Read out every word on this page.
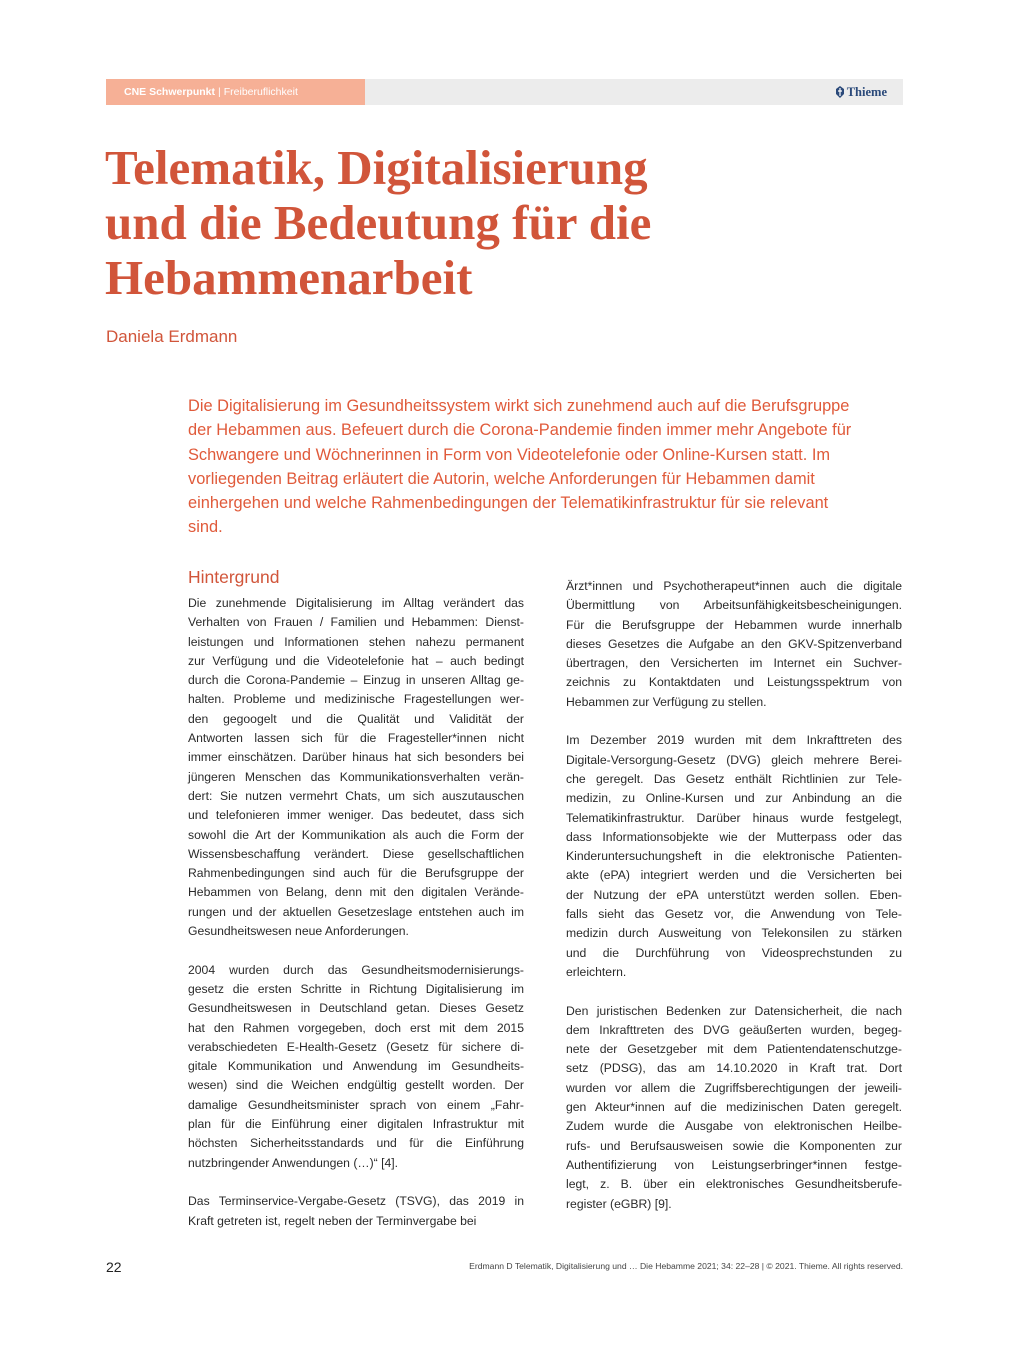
CNE Schwerpunkt | Freiberuflichkeit	Thieme
Telematik, Digitalisierung
und die Bedeutung für die
Hebammenarbeit
Daniela Erdmann
Die Digitalisierung im Gesundheitssystem wirkt sich zunehmend auch auf die Berufsgruppe
der Hebammen aus. Befeuert durch die Corona-Pandemie finden immer mehr Angebote für
Schwangere und Wöchnerinnen in Form von Videotelefonie oder Online-Kursen statt. Im
vorliegenden Beitrag erläutert die Autorin, welche Anforderungen für Hebammen damit
einhergehen und welche Rahmenbedingungen der Telematikinfrastruktur für sie relevant
sind.
Hintergrund
Die zunehmende Digitalisierung im Alltag verändert das
Verhalten von Frauen / Familien und Hebammen: Dienst-
leistungen und Informationen stehen nahezu permanent
zur Verfügung und die Videotelefonie hat – auch bedingt
durch die Corona-Pandemie – Einzug in unseren Alltag ge-
halten. Probleme und medizinische Fragestellungen wer-
den gegoogelt und die Qualität und Validität der
Antworten lassen sich für die Fragesteller*innen nicht
immer einschätzen. Darüber hinaus hat sich besonders bei
jüngeren Menschen das Kommunikationsverhalten verän-
dert: Sie nutzen vermehrt Chats, um sich auszutauschen
und telefonieren immer weniger. Das bedeutet, dass sich
sowohl die Art der Kommunikation als auch die Form der
Wissensbeschaffung verändert. Diese gesellschaftlichen
Rahmenbedingungen sind auch für die Berufsgruppe der
Hebammen von Belang, denn mit den digitalen Verände-
rungen und der aktuellen Gesetzeslage entstehen auch im
Gesundheitswesen neue Anforderungen.
2004 wurden durch das Gesundheitsmodernisierungs-
gesetz die ersten Schritte in Richtung Digitalisierung im
Gesundheitswesen in Deutschland getan. Dieses Gesetz
hat den Rahmen vorgegeben, doch erst mit dem 2015
verabschiedeten E-Health-Gesetz (Gesetz für sichere di-
gitale Kommunikation und Anwendung im Gesundheits-
wesen) sind die Weichen endgültig gestellt worden. Der
damalige Gesundheitsminister sprach von einem „Fahr-
plan für die Einführung einer digitalen Infrastruktur mit
höchsten Sicherheitsstandards und für die Einführung
nutzbringender Anwendungen (…)“ [4].
Das Terminservice-Vergabe-Gesetz (TSVG), das 2019 in
Kraft getreten ist, regelt neben der Terminvergabe bei
Ärzt*innen und Psychotherapeut*innen auch die digitale
Übermittlung von Arbeitsunfähigkeitsbescheinigungen.
Für die Berufsgruppe der Hebammen wurde innerhalb
dieses Gesetzes die Aufgabe an den GKV-Spitzenverband
übertragen, den Versicherten im Internet ein Suchver-
zeichnis zu Kontaktdaten und Leistungsspektrum von
Hebammen zur Verfügung zu stellen.
Im Dezember 2019 wurden mit dem Inkrafttreten des
Digitale-Versorgung-Gesetz (DVG) gleich mehrere Berei-
che geregelt. Das Gesetz enthält Richtlinien zur Tele-
medizin, zu Online-Kursen und zur Anbindung an die
Telematikinfrastruktur. Darüber hinaus wurde festgelegt,
dass Informationsobjekte wie der Mutterpass oder das
Kinderuntersuchungsheft in die elektronische Patienten-
akte (ePA) integriert werden und die Versicherten bei
der Nutzung der ePA unterstützt werden sollen. Eben-
falls sieht das Gesetz vor, die Anwendung von Tele-
medizin durch Ausweitung von Telekonsilen zu stärken
und die Durchführung von Videosprechstunden zu
erleichtern.
Den juristischen Bedenken zur Datensicherheit, die nach
dem Inkrafttreten des DVG geäußerten wurden, begeg-
nete der Gesetzgeber mit dem Patientendatenschutzge-
setz (PDSG), das am 14.10.2020 in Kraft trat. Dort
wurden vor allem die Zugriffsberechtigungen der jeweili-
gen Akteur*innen auf die medizinischen Daten geregelt.
Zudem wurde die Ausgabe von elektronischen Heilbe-
rufs- und Berufsausweisen sowie die Komponenten zur
Authentifizierung von Leistungserbringer*innen festge-
legt, z. B. über ein elektronisches Gesundheitsberufe-
register (eGBR) [9].
22	Erdmann D Telematik, Digitalisierung und … Die Hebamme 2021; 34: 22–28 | © 2021. Thieme. All rights reserved.
